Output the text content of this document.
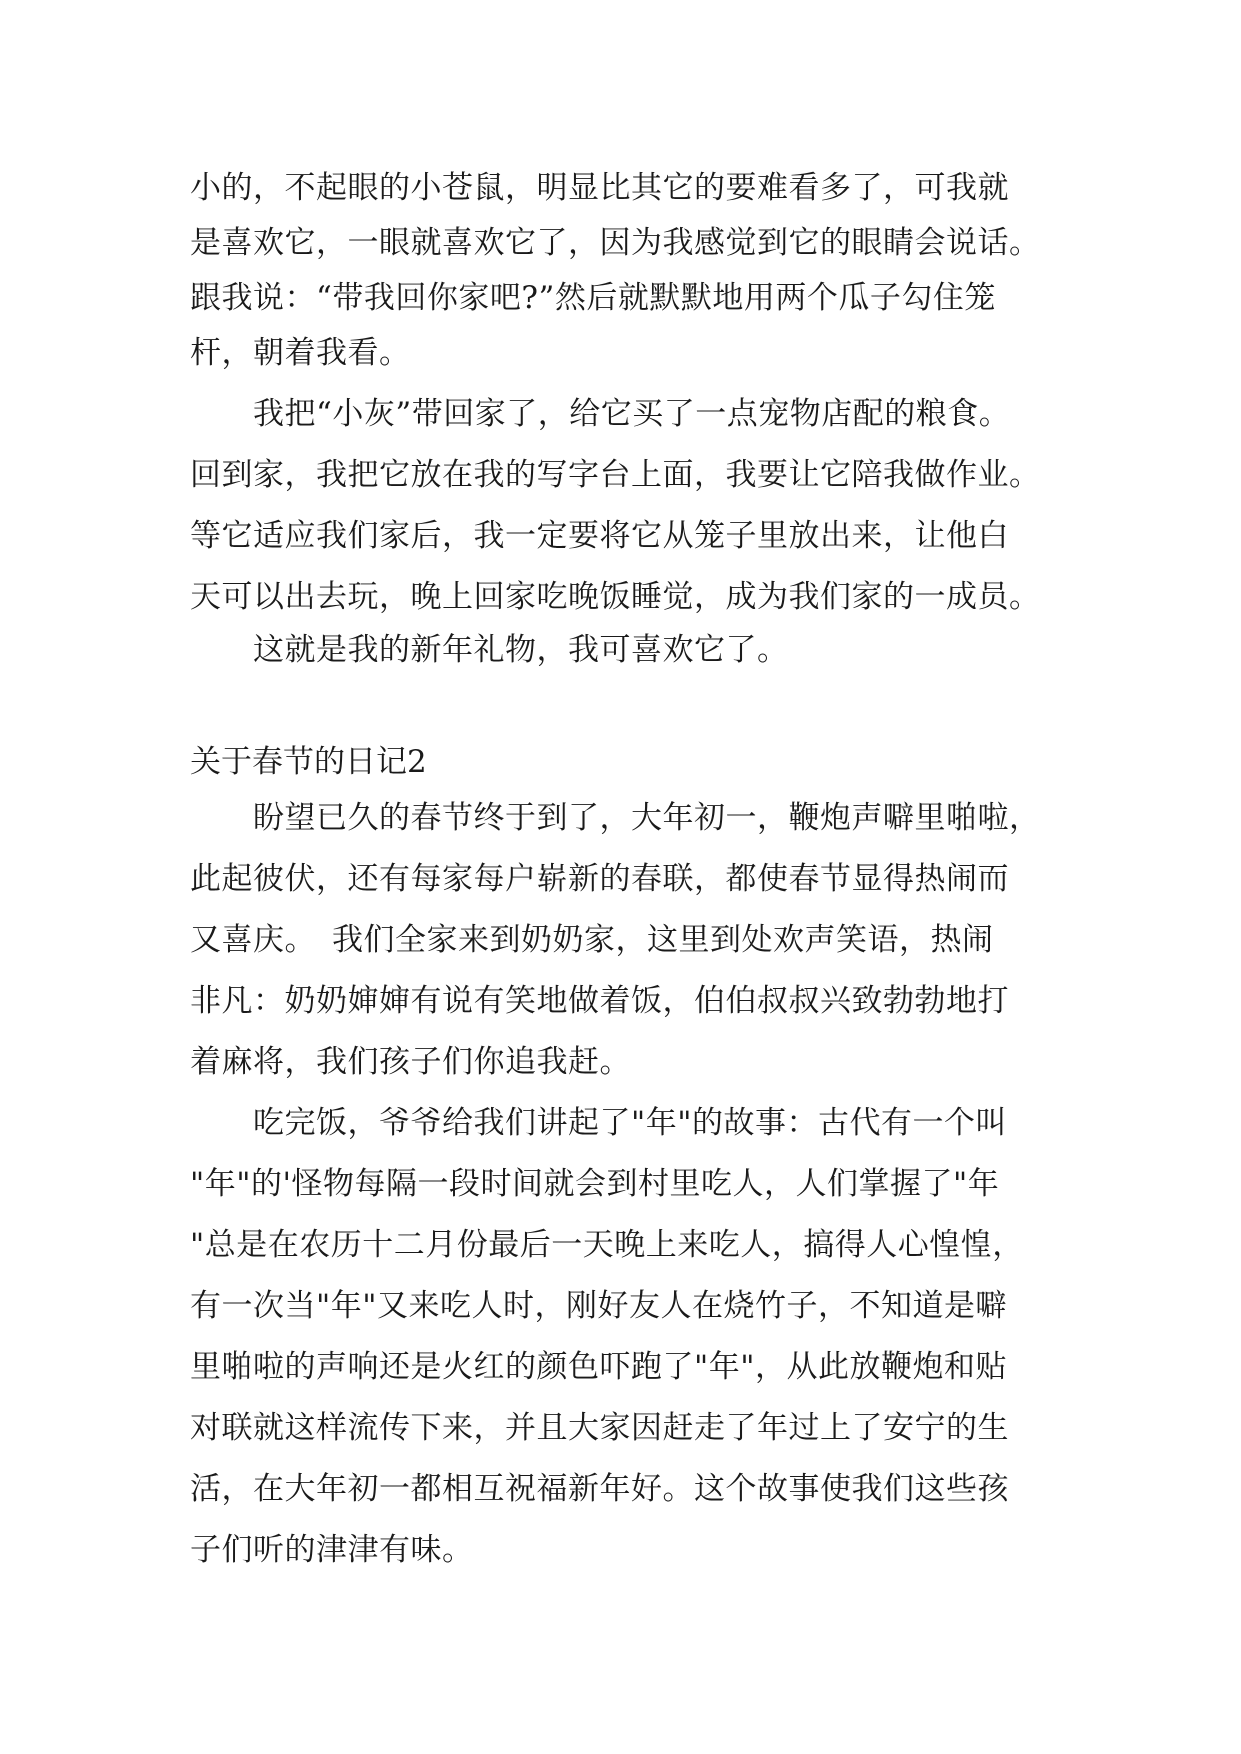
小的，不起眼的小苍鼠，明显比其它的要难看多了，可我就
是喜欢它，一眼就喜欢它了，因为我感觉到它的眼睛会说话。
跟我说：“带我回你家吧?”然后就默默地用两个瓜子勾住笼
杆，朝着我看。
　　我把“小灰”带回家了，给它买了一点宠物店配的粮食。
回到家，我把它放在我的写字台上面，我要让它陪我做作业。
等它适应我们家后，我一定要将它从笼子里放出来，让他白
天可以出去玩，晚上回家吃晚饭睡觉，成为我们家的一成员。
　　这就是我的新年礼物，我可喜欢它了。
关于春节的日记2
　　盼望已久的春节终于到了，大年初一，鞭炮声噼里啪啦，
此起彼伏，还有每家每户崭新的春联，都使春节显得热闹而
又喜庆。　我们全家来到奶奶家，这里到处欢声笑语，热闹
非凡：奶奶婶婶有说有笑地做着饭，伯伯叔叔兴致勃勃地打
着麻将，我们孩子们你追我赶。
　　吃完饭，爷爷给我们讲起了"年"的故事：古代有一个叫
"年"的'怪物每隔一段时间就会到村里吃人，人们掌握了"年
"总是在农历十二月份最后一天晚上来吃人，搞得人心惶惶，
有一次当"年"又来吃人时，刚好友人在烧竹子，不知道是噼
里啪啦的声响还是火红的颜色吓跑了"年"，从此放鞭炮和贴
对联就这样流传下来，并且大家因赶走了年过上了安宁的生
活，在大年初一都相互祝福新年好。这个故事使我们这些孩
子们听的津津有味。
